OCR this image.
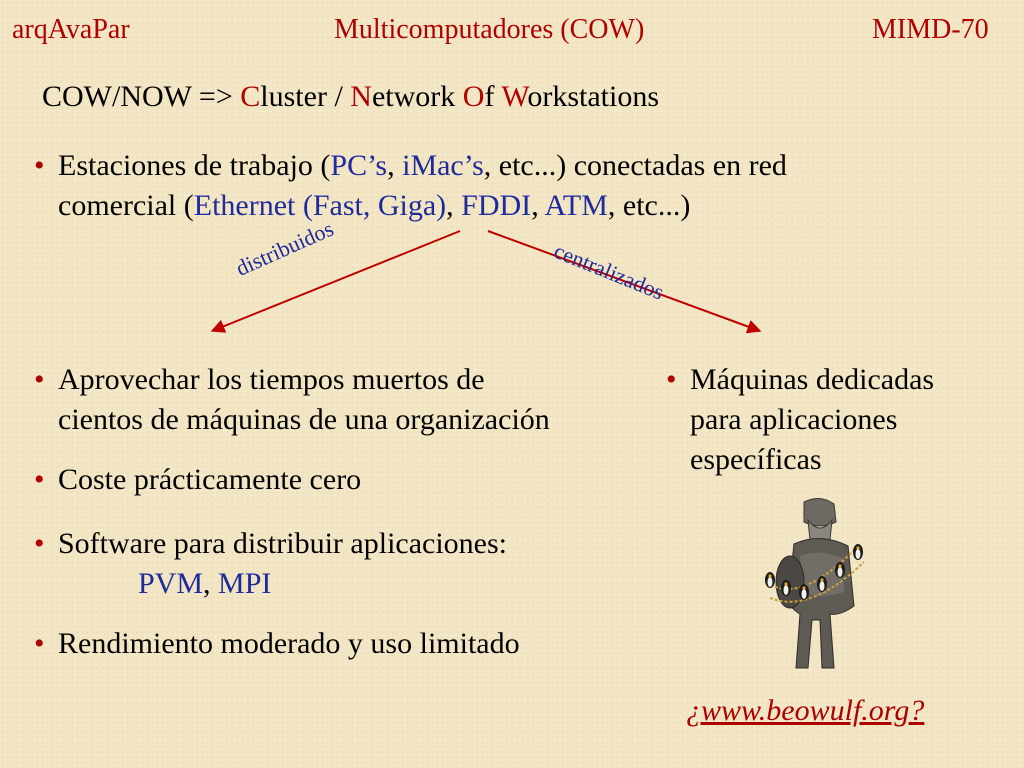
arqAvaPar	Multicomputadores (COW)	MIMD-70
COW/NOW => Cluster / Network Of Workstations
• Estaciones de trabajo (PC’s, iMac’s, etc...) conectadas en red
comercial (Ethernet (Fast, Giga), FDDI, ATM, etc...)
distribuidos	centralizados
• Aprovechar los tiempos muertos de
cientos de máquinas de una organización
• Coste prácticamente cero
• Software para distribuir aplicaciones:
PVM, MPI
• Rendimiento moderado y uso limitado
• Máquinas dedicadas
para aplicaciones
específicas
¿www.beowulf.org?
